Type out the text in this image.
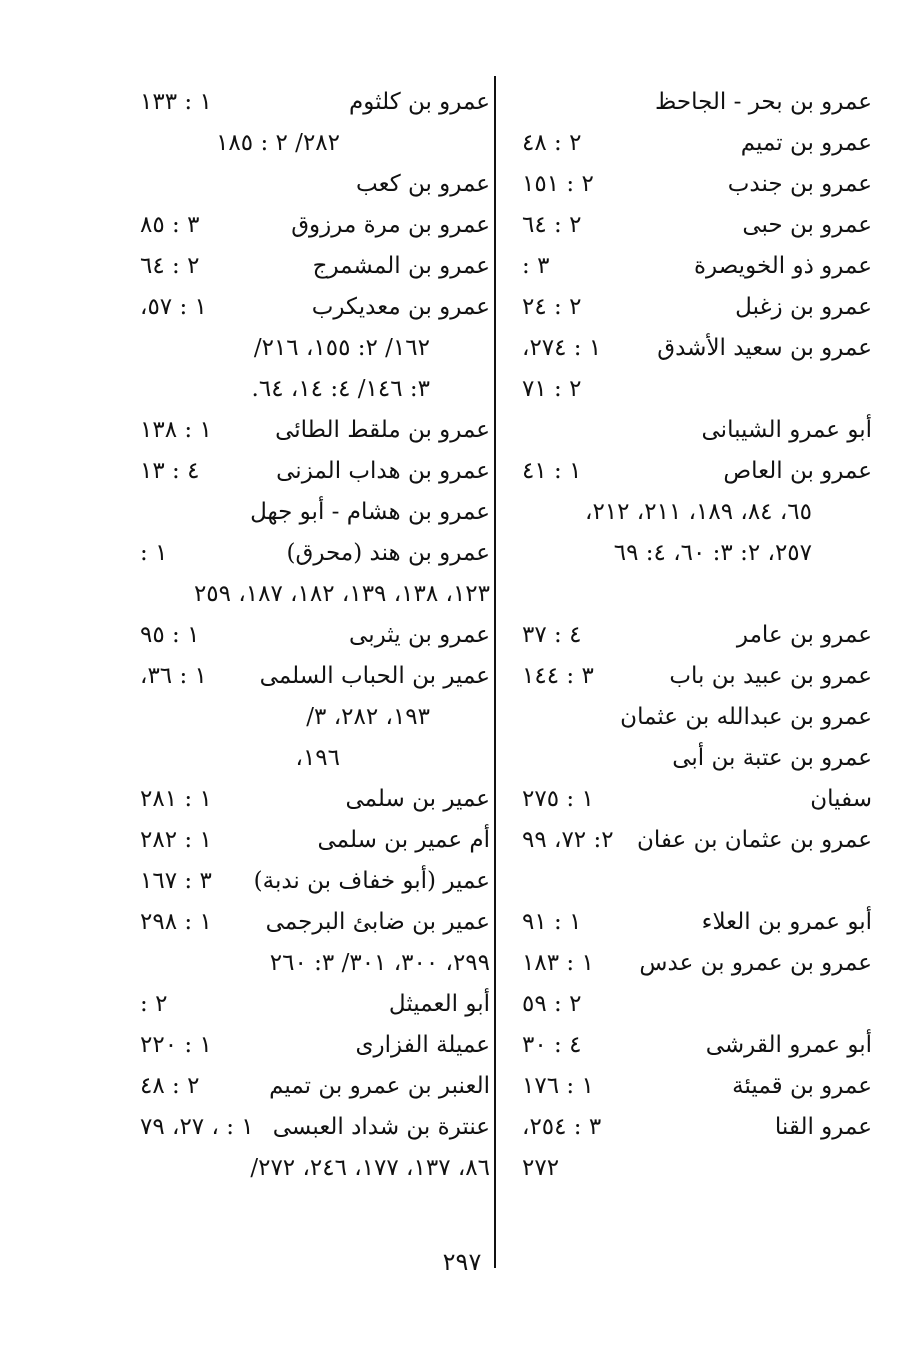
عمرو بن بحر - الجاحظ
عمرو بن تميم
٢ : ٤٨
عمرو بن جندب
٢ : ١٥١
عمرو بن حبى
٢ : ٦٤
عمرو ذو الخويصرة
٣ :
عمرو بن زغبل
٢ : ٢٤
عمرو بن سعيد الأشدق
١ : ٢٧٤،
٢ : ٧١
أبو عمرو الشيبانى
عمرو بن العاص
١ : ٤١
٦٥، ٨٤، ١٨٩، ٢١١، ٢١٢،
٢٥٧، ٢: ٣: ٦٠، ٤: ٦٩
عمرو بن عامر
٤ : ٣٧
عمرو بن عبيد بن باب
٣ : ١٤٤
عمرو بن عبدالله بن عثمان
عمرو بن عتبة بن أبى
سفيان
١ : ٢٧٥
عمرو بن عثمان بن عفان
٢: ٧٢، ٩٩
أبو عمرو بن العلاء
١ : ٩١
عمرو بن عمرو بن عدس
١ : ١٨٣
٢ : ٥٩
أبو عمرو القرشى
٤ : ٣٠
عمرو بن قميئة
١ : ١٧٦
عمرو القنا
٣ : ٢٥٤،
٢٧٢
عمرو بن كلثوم
١ : ١٣٣
٢٨٢/ ٢ : ١٨٥
عمرو بن كعب
عمرو بن مرة مرزوق
٣ : ٨٥
عمرو بن المشمرج
٢ : ٦٤
عمرو بن معديكرب
١ : ٥٧،
١٦٢/ ٢: ١٥٥، ٢١٦/
٣: ١٤٦/ ٤: ١٤، ٦٤.
عمرو بن ملقط الطائى
١ : ١٣٨
عمرو بن هداب المزنى
٤ : ١٣
عمرو بن هشام - أبو جهل
عمرو بن هند (محرق)
١ :
١٢٣، ١٣٨، ١٣٩، ١٨٢، ١٨٧، ٢٥٩
عمرو بن يثربى
١ : ٩٥
عمير بن الحباب السلمى
١ : ٣٦،
١٩٣، ٢٨٢، ٣/
١٩٦،
عمير بن سلمى
١ : ٢٨١
أم عمير بن سلمى
١ : ٢٨٢
عمير (أبو خفاف بن ندبة)
٣ : ١٦٧
عمير بن ضابئ البرجمى
١ : ٢٩٨
٢٩٩، ٣٠٠، ٣٠١/ ٣: ٢٦٠
أبو العميثل
٢ :
عميلة الفزارى
١ : ٢٢٠
العنبر بن عمرو بن تميم
٢ : ٤٨
عنترة بن شداد العبسى
١ : ، ٢٧، ٧٩
٨٦، ١٣٧، ١٧٧، ٢٤٦، ٢٧٢/
٢٩٧
